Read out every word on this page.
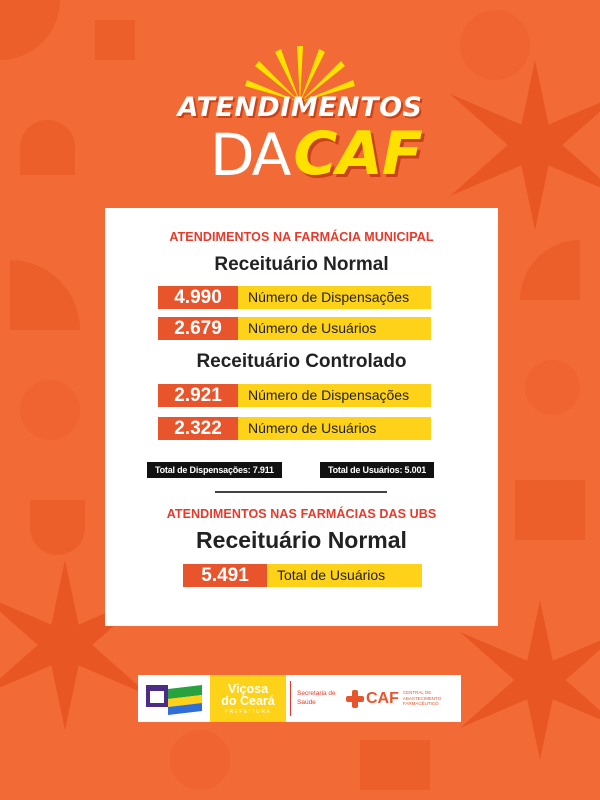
ATENDIMENTOS
DA CAF
ATENDIMENTOS NA FARMÁCIA MUNICIPAL
Receituário Normal
4.990	Número de Dispensações
2.679	Número de Usuários
Receituário Controlado
2.921	Número de Dispensações
2.322	Número de Usuários
Total de Dispensações: 7.911	Total de Usuários: 5.001
ATENDIMENTOS NAS FARMÁCIAS DAS UBS
Receituário Normal
5.491	Total de Usuários
Viçosa
do Ceará
PREFEITURA
Secretaria de
Saúde	CAF CENTRAL DE ABASTECIMENTO FARMACÊUTICO
